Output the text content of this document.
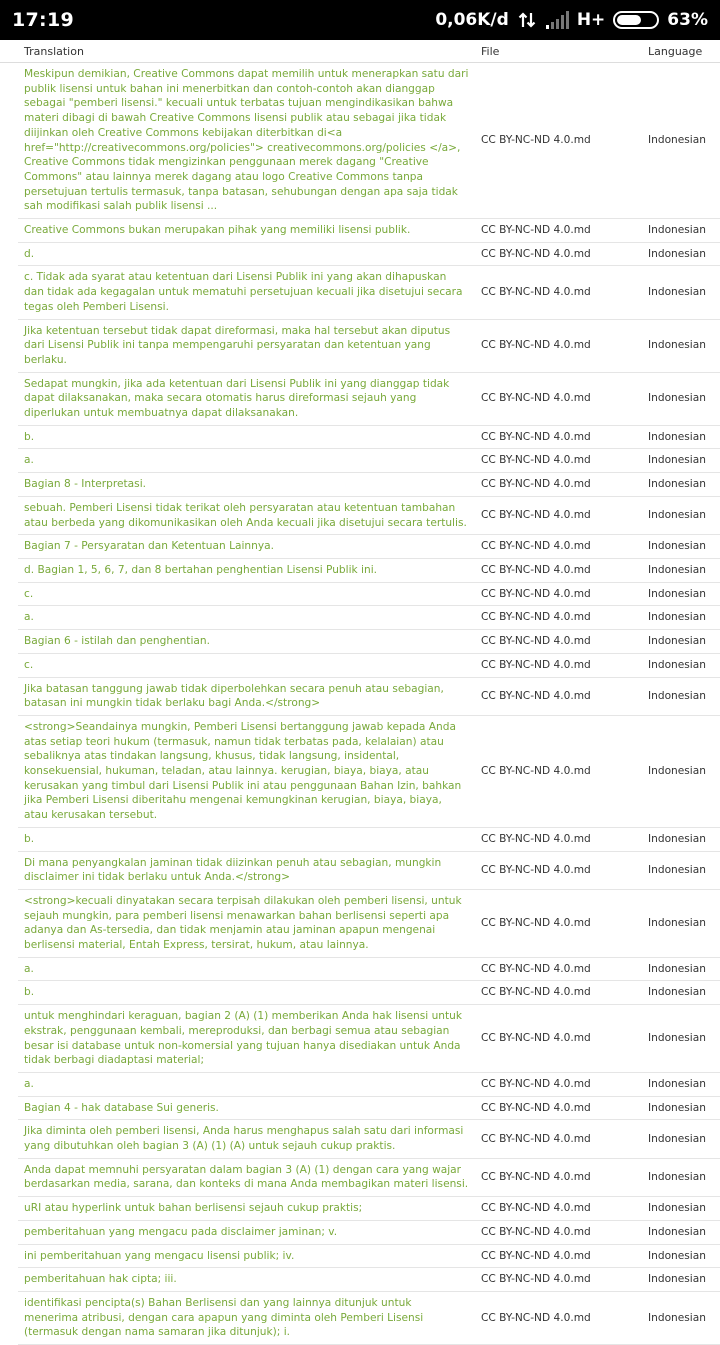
17:19	0,06K/d	H+	63%
	Translation	File	Language
	Meskipun demikian, Creative Commons dapat memilih untuk menerapkan satu dari publik lisensi untuk bahan ini menerbitkan dan contoh-contoh akan dianggap sebagai "pemberi lisensi." kecuali untuk terbatas tujuan mengindikasikan bahwa materi dibagi di bawah Creative Commons lisensi publik atau sebagai jika tidak diijinkan oleh Creative Commons kebijakan diterbitkan di<a href="http://creativecommons.org/policies"> creativecommons.org/policies </a>, Creative Commons tidak mengizinkan penggunaan merek dagang "Creative Commons" atau lainnya merek dagang atau logo Creative Commons tanpa persetujuan tertulis termasuk, tanpa batasan, sehubungan dengan apa saja tidak sah modifikasi salah publik lisensi ...	CC BY-NC-ND 4.0.md	Indonesian
	Creative Commons bukan merupakan pihak yang memiliki lisensi publik.	CC BY-NC-ND 4.0.md	Indonesian
	d.	CC BY-NC-ND 4.0.md	Indonesian
	c. Tidak ada syarat atau ketentuan dari Lisensi Publik ini yang akan dihapuskan dan tidak ada kegagalan untuk mematuhi persetujuan kecuali jika disetujui secara tegas oleh Pemberi Lisensi.	CC BY-NC-ND 4.0.md	Indonesian
	Jika ketentuan tersebut tidak dapat direformasi, maka hal tersebut akan diputus dari Lisensi Publik ini tanpa mempengaruhi persyaratan dan ketentuan yang berlaku.	CC BY-NC-ND 4.0.md	Indonesian
	Sedapat mungkin, jika ada ketentuan dari Lisensi Publik ini yang dianggap tidak dapat dilaksanakan, maka secara otomatis harus direformasi sejauh yang diperlukan untuk membuatnya dapat dilaksanakan.	CC BY-NC-ND 4.0.md	Indonesian
	b.	CC BY-NC-ND 4.0.md	Indonesian
	a.	CC BY-NC-ND 4.0.md	Indonesian
	Bagian 8 - Interpretasi.	CC BY-NC-ND 4.0.md	Indonesian
	sebuah. Pemberi Lisensi tidak terikat oleh persyaratan atau ketentuan tambahan atau berbeda yang dikomunikasikan oleh Anda kecuali jika disetujui secara tertulis.	CC BY-NC-ND 4.0.md	Indonesian
	Bagian 7 - Persyaratan dan Ketentuan Lainnya.	CC BY-NC-ND 4.0.md	Indonesian
	d. Bagian 1, 5, 6, 7, dan 8 bertahan penghentian Lisensi Publik ini.	CC BY-NC-ND 4.0.md	Indonesian
	c.	CC BY-NC-ND 4.0.md	Indonesian
	a.	CC BY-NC-ND 4.0.md	Indonesian
	Bagian 6 - istilah dan penghentian.	CC BY-NC-ND 4.0.md	Indonesian
	c.	CC BY-NC-ND 4.0.md	Indonesian
	Jika batasan tanggung jawab tidak diperbolehkan secara penuh atau sebagian, batasan ini mungkin tidak berlaku bagi Anda.</strong>	CC BY-NC-ND 4.0.md	Indonesian
	<strong>Seandainya mungkin, Pemberi Lisensi bertanggung jawab kepada Anda atas setiap teori hukum (termasuk, namun tidak terbatas pada, kelalaian) atau sebaliknya atas tindakan langsung, khusus, tidak langsung, insidental, konsekuensial, hukuman, teladan, atau lainnya. kerugian, biaya, biaya, atau kerusakan yang timbul dari Lisensi Publik ini atau penggunaan Bahan Izin, bahkan jika Pemberi Lisensi diberitahu mengenai kemungkinan kerugian, biaya, biaya, atau kerusakan tersebut.	CC BY-NC-ND 4.0.md	Indonesian
	b.	CC BY-NC-ND 4.0.md	Indonesian
	Di mana penyangkalan jaminan tidak diizinkan penuh atau sebagian, mungkin disclaimer ini tidak berlaku untuk Anda.</strong>	CC BY-NC-ND 4.0.md	Indonesian
	<strong>kecuali dinyatakan secara terpisah dilakukan oleh pemberi lisensi, untuk sejauh mungkin, para pemberi lisensi menawarkan bahan berlisensi seperti apa adanya dan As-tersedia, dan tidak menjamin atau jaminan apapun mengenai berlisensi material, Entah Express, tersirat, hukum, atau lainnya.	CC BY-NC-ND 4.0.md	Indonesian
	a.	CC BY-NC-ND 4.0.md	Indonesian
	b.	CC BY-NC-ND 4.0.md	Indonesian
	untuk menghindari keraguan, bagian 2 (A) (1) memberikan Anda hak lisensi untuk ekstrak, penggunaan kembali, mereproduksi, dan berbagi semua atau sebagian besar isi database untuk non-komersial yang tujuan hanya disediakan untuk Anda tidak berbagi diadaptasi material;	CC BY-NC-ND 4.0.md	Indonesian
	a.	CC BY-NC-ND 4.0.md	Indonesian
	Bagian 4 - hak database Sui generis.	CC BY-NC-ND 4.0.md	Indonesian
	Jika diminta oleh pemberi lisensi, Anda harus menghapus salah satu dari informasi yang dibutuhkan oleh bagian 3 (A) (1) (A) untuk sejauh cukup praktis.	CC BY-NC-ND 4.0.md	Indonesian
	Anda dapat memnuhi persyaratan dalam bagian 3 (A) (1) dengan cara yang wajar berdasarkan media, sarana, dan konteks di mana Anda membagikan materi lisensi.	CC BY-NC-ND 4.0.md	Indonesian
	uRI atau hyperlink untuk bahan berlisensi sejauh cukup praktis;	CC BY-NC-ND 4.0.md	Indonesian
	pemberitahuan yang mengacu pada disclaimer jaminan; v.	CC BY-NC-ND 4.0.md	Indonesian
	ini pemberitahuan yang mengacu lisensi publik; iv.	CC BY-NC-ND 4.0.md	Indonesian
	pemberitahuan hak cipta; iii.	CC BY-NC-ND 4.0.md	Indonesian
	identifikasi pencipta(s) Bahan Berlisensi dan yang lainnya ditunjuk untuk menerima atribusi, dengan cara apapun yang diminta oleh Pemberi Lisensi (termasuk dengan nama samaran jika ditunjuk); i.	CC BY-NC-ND 4.0.md	Indonesian
